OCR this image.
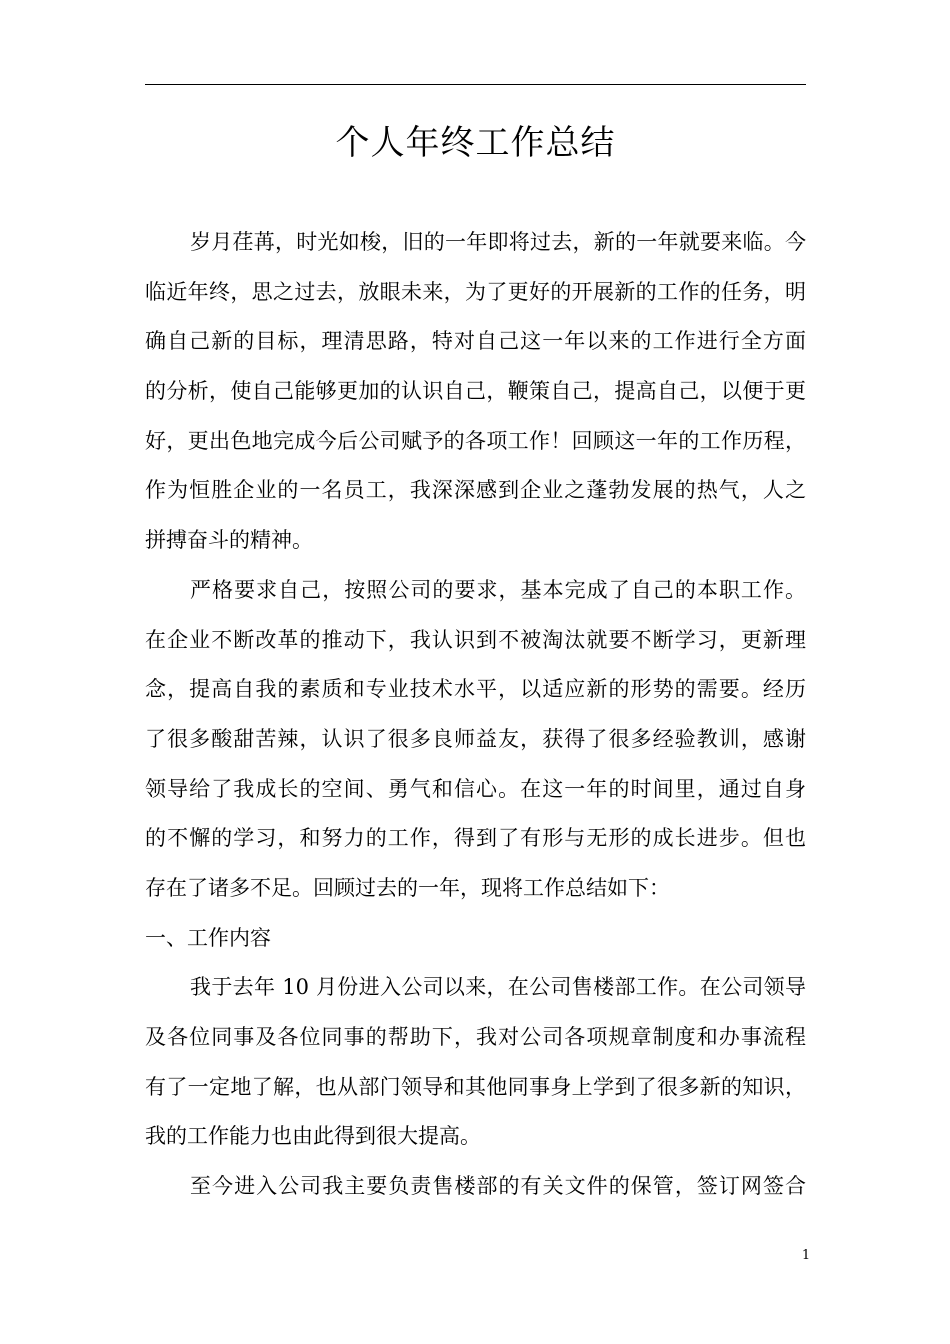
个人年终工作总结
岁月荏苒，时光如梭，旧的一年即将过去，新的一年就要来临。今
临近年终，思之过去，放眼未来，为了更好的开展新的工作的任务，明
确自己新的目标，理清思路，特对自己这一年以来的工作进行全方面
的分析，使自己能够更加的认识自己，鞭策自己，提高自己，以便于更
好，更出色地完成今后公司赋予的各项工作！回顾这一年的工作历程，
作为恒胜企业的一名员工，我深深感到企业之蓬勃发展的热气，人之
拼搏奋斗的精神。
严格要求自己，按照公司的要求，基本完成了自己的本职工作。
在企业不断改革的推动下，我认识到不被淘汰就要不断学习，更新理
念，提高自我的素质和专业技术水平，以适应新的形势的需要。经历
了很多酸甜苦辣，认识了很多良师益友，获得了很多经验教训，感谢
领导给了我成长的空间、勇气和信心。在这一年的时间里，通过自身
的不懈的学习，和努力的工作，得到了有形与无形的成长进步。但也
存在了诸多不足。回顾过去的一年，现将工作总结如下：
一、工作内容
我于去年 10 月份进入公司以来，在公司售楼部工作。在公司领导
及各位同事及各位同事的帮助下，我对公司各项规章制度和办事流程
有了一定地了解，也从部门领导和其他同事身上学到了很多新的知识，
我的工作能力也由此得到很大提高。
至今进入公司我主要负责售楼部的有关文件的保管，签订网签合
1
